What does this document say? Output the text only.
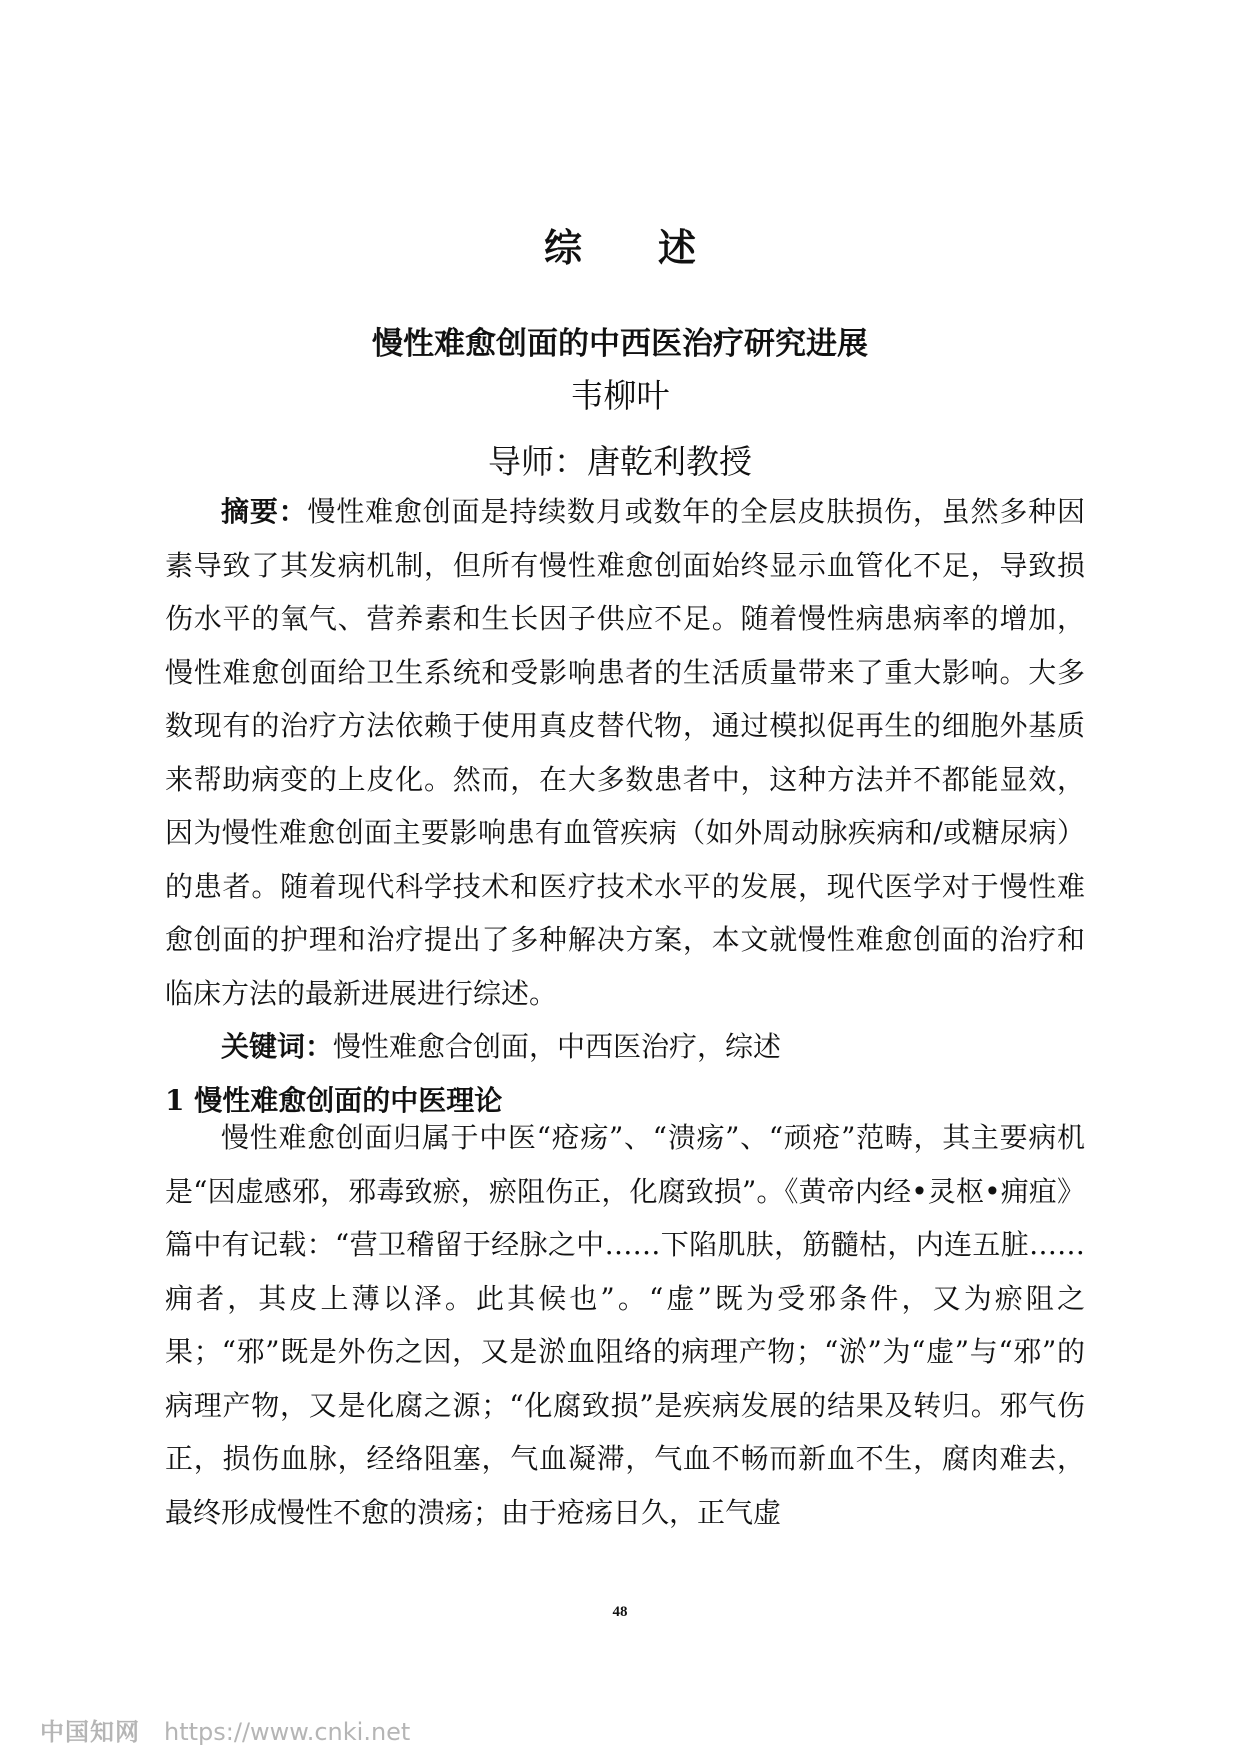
综　述
慢性难愈创面的中西医治疗研究进展
韦柳叶
导师：唐乾利教授

摘要：慢性难愈创面是持续数月或数年的全层皮肤损伤，虽然多种因素导致了其发病机制，但所有慢性难愈创面始终显示血管化不足，导致损伤水平的氧气、营养素和生长因子供应不足。随着慢性病患病率的增加，慢性难愈创面给卫生系统和受影响患者的生活质量带来了重大影响。大多数现有的治疗方法依赖于使用真皮替代物，通过模拟促再生的细胞外基质来帮助病变的上皮化。然而，在大多数患者中，这种方法并不都能显效，因为慢性难愈创面主要影响患有血管疾病（如外周动脉疾病和/或糖尿病）的患者。随着现代科学技术和医疗技术水平的发展，现代医学对于慢性难愈创面的护理和治疗提出了多种解决方案，本文就慢性难愈创面的治疗和临床方法的最新进展进行综述。

关键词：慢性难愈合创面，中西医治疗，综述

1 慢性难愈创面的中医理论

慢性难愈创面归属于中医“疮疡”、“溃疡”、“顽疮”范畴，其主要病机是“因虚感邪，邪毒致瘀，瘀阻伤正，化腐致损”。《黄帝内经•灵枢•痈疽》篇中有记载：“营卫稽留于经脉之中……下陷肌肤，筋髓枯，内连五脏……痈者，其皮上薄以泽。此其候也”。“虚”既为受邪条件，又为瘀阻之果；“邪”既是外伤之因，又是淤血阻络的病理产物；“淤”为“虚”与“邪”的病理产物，又是化腐之源；“化腐致损”是疾病发展的结果及转归。邪气伤正，损伤血脉，经络阻塞，气血凝滞，气血不畅而新血不生，腐肉难去，最终形成慢性不愈的溃疡；由于疮疡日久，正气虚

48
中国知网 https://www.cnki.net
